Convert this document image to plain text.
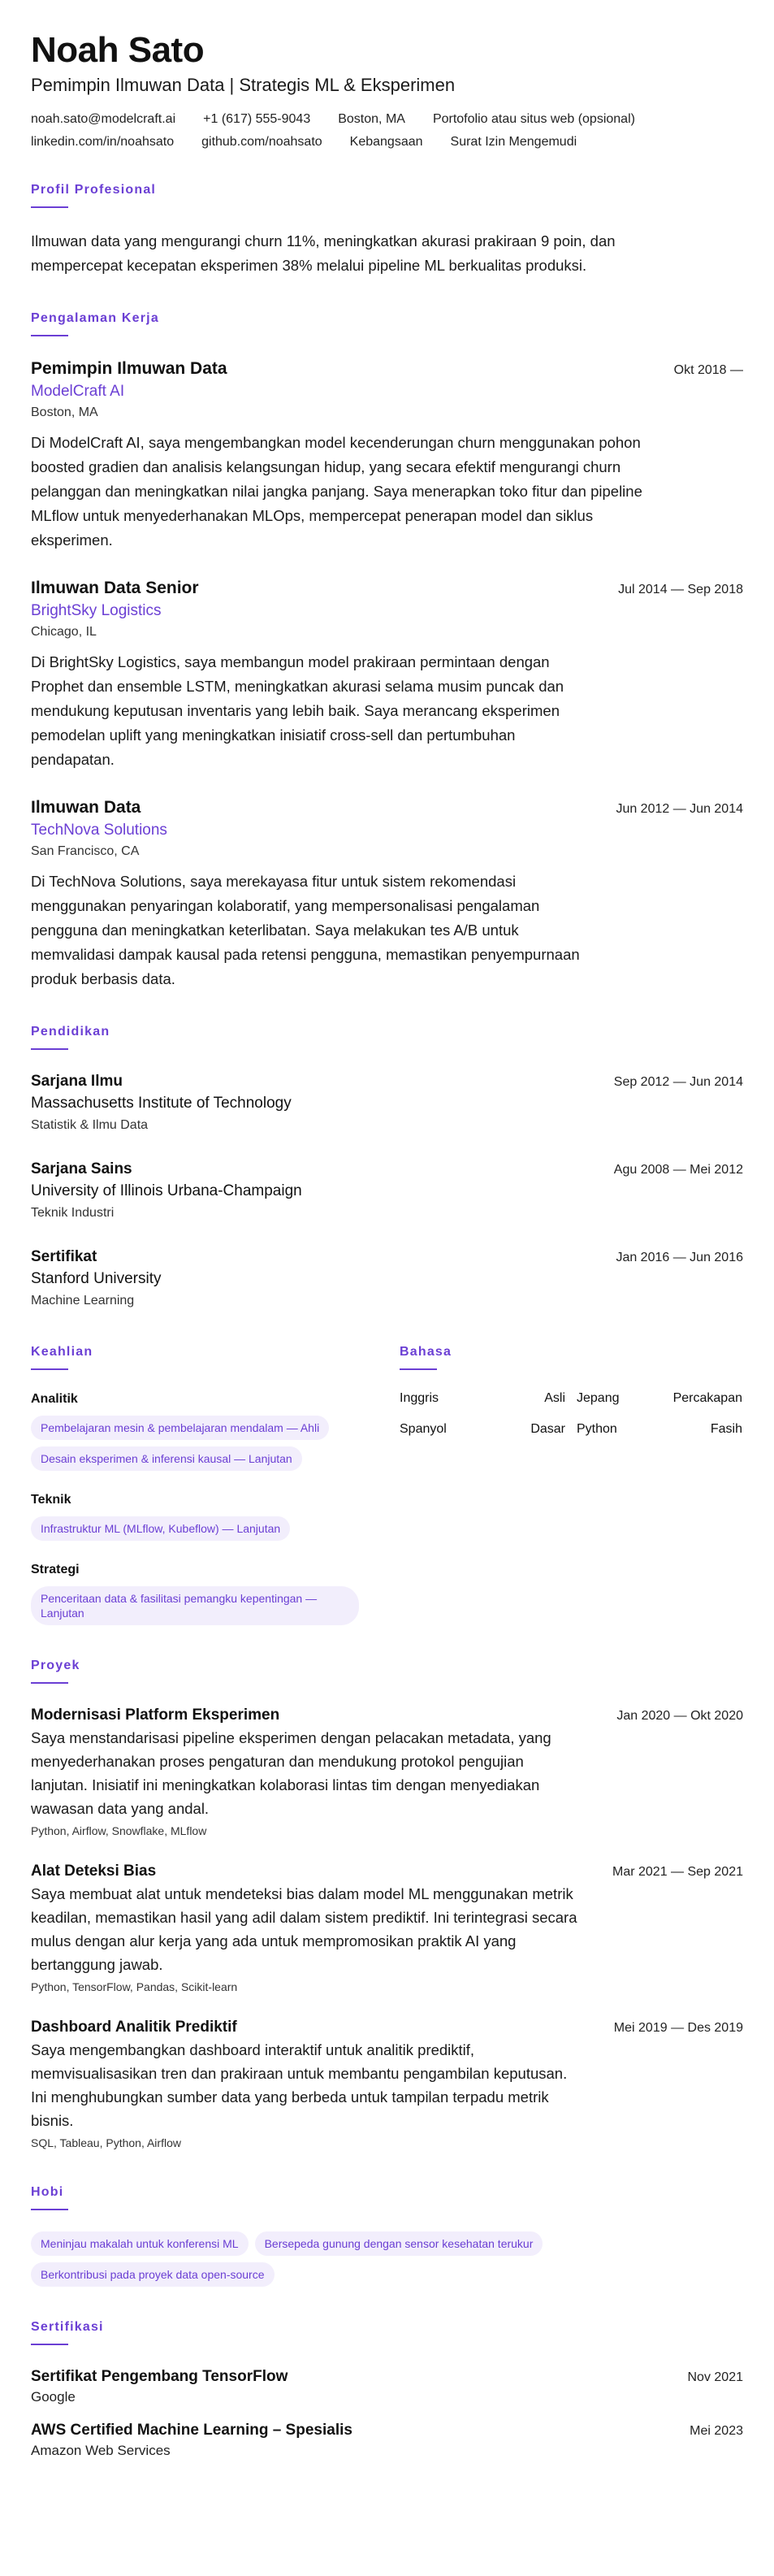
Noah Sato
Pemimpin Ilmuwan Data | Strategis ML & Eksperimen
noah.sato@modelcraft.ai +1 (617) 555-9043 Boston, MA Portofolio atau situs web (opsional)
linkedin.com/in/noahsato github.com/noahsato Kebangsaan Surat Izin Mengemudi
Profil Profesional
Ilmuwan data yang mengurangi churn 11%, meningkatkan akurasi prakiraan 9 poin, dan mempercepat kecepatan eksperimen 38% melalui pipeline ML berkualitas produksi.
Pengalaman Kerja
Pemimpin Ilmuwan Data	Okt 2018 —
ModelCraft AI
Boston, MA
Di ModelCraft AI, saya mengembangkan model kecenderungan churn menggunakan pohon boosted gradien dan analisis kelangsungan hidup, yang secara efektif mengurangi churn pelanggan dan meningkatkan nilai jangka panjang. Saya menerapkan toko fitur dan pipeline MLflow untuk menyederhanakan MLOps, mempercepat penerapan model dan siklus eksperimen.
Ilmuwan Data Senior	Jul 2014 — Sep 2018
BrightSky Logistics
Chicago, IL
Di BrightSky Logistics, saya membangun model prakiraan permintaan dengan Prophet dan ensemble LSTM, meningkatkan akurasi selama musim puncak dan mendukung keputusan inventaris yang lebih baik. Saya merancang eksperimen pemodelan uplift yang meningkatkan inisiatif cross-sell dan pertumbuhan pendapatan.
Ilmuwan Data	Jun 2012 — Jun 2014
TechNova Solutions
San Francisco, CA
Di TechNova Solutions, saya merekayasa fitur untuk sistem rekomendasi menggunakan penyaringan kolaboratif, yang mempersonalisasi pengalaman pengguna dan meningkatkan keterlibatan. Saya melakukan tes A/B untuk memvalidasi dampak kausal pada retensi pengguna, memastikan penyempurnaan produk berbasis data.
Pendidikan
Sarjana Ilmu	Sep 2012 — Jun 2014
Massachusetts Institute of Technology
Statistik & Ilmu Data
Sarjana Sains	Agu 2008 — Mei 2012
University of Illinois Urbana-Champaign
Teknik Industri
Sertifikat	Jan 2016 — Jun 2016
Stanford University
Machine Learning
Keahlian
Analitik
Pembelajaran mesin & pembelajaran mendalam — Ahli
Desain eksperimen & inferensi kausal — Lanjutan
Teknik
Infrastruktur ML (MLflow, Kubeflow) — Lanjutan
Strategi
Penceritaan data & fasilitasi pemangku kepentingan — Lanjutan
Bahasa
Inggris	Asli Jepang	Percakapan
Spanyol	Dasar Python	Fasih
Proyek
Modernisasi Platform Eksperimen	Jan 2020 — Okt 2020
Saya menstandarisasi pipeline eksperimen dengan pelacakan metadata, yang menyederhanakan proses pengaturan dan mendukung protokol pengujian lanjutan. Inisiatif ini meningkatkan kolaborasi lintas tim dengan menyediakan wawasan data yang andal.
Python, Airflow, Snowflake, MLflow
Alat Deteksi Bias	Mar 2021 — Sep 2021
Saya membuat alat untuk mendeteksi bias dalam model ML menggunakan metrik keadilan, memastikan hasil yang adil dalam sistem prediktif. Ini terintegrasi secara mulus dengan alur kerja yang ada untuk mempromosikan praktik AI yang bertanggung jawab.
Python, TensorFlow, Pandas, Scikit-learn
Dashboard Analitik Prediktif	Mei 2019 — Des 2019
Saya mengembangkan dashboard interaktif untuk analitik prediktif, memvisualisasikan tren dan prakiraan untuk membantu pengambilan keputusan. Ini menghubungkan sumber data yang berbeda untuk tampilan terpadu metrik bisnis.
SQL, Tableau, Python, Airflow
Hobi
Meninjau makalah untuk konferensi ML	Bersepeda gunung dengan sensor kesehatan terukur
Berkontribusi pada proyek data open-source
Sertifikasi
Sertifikat Pengembang TensorFlow	Nov 2021
Google
AWS Certified Machine Learning – Spesialis	Mei 2023
Amazon Web Services
